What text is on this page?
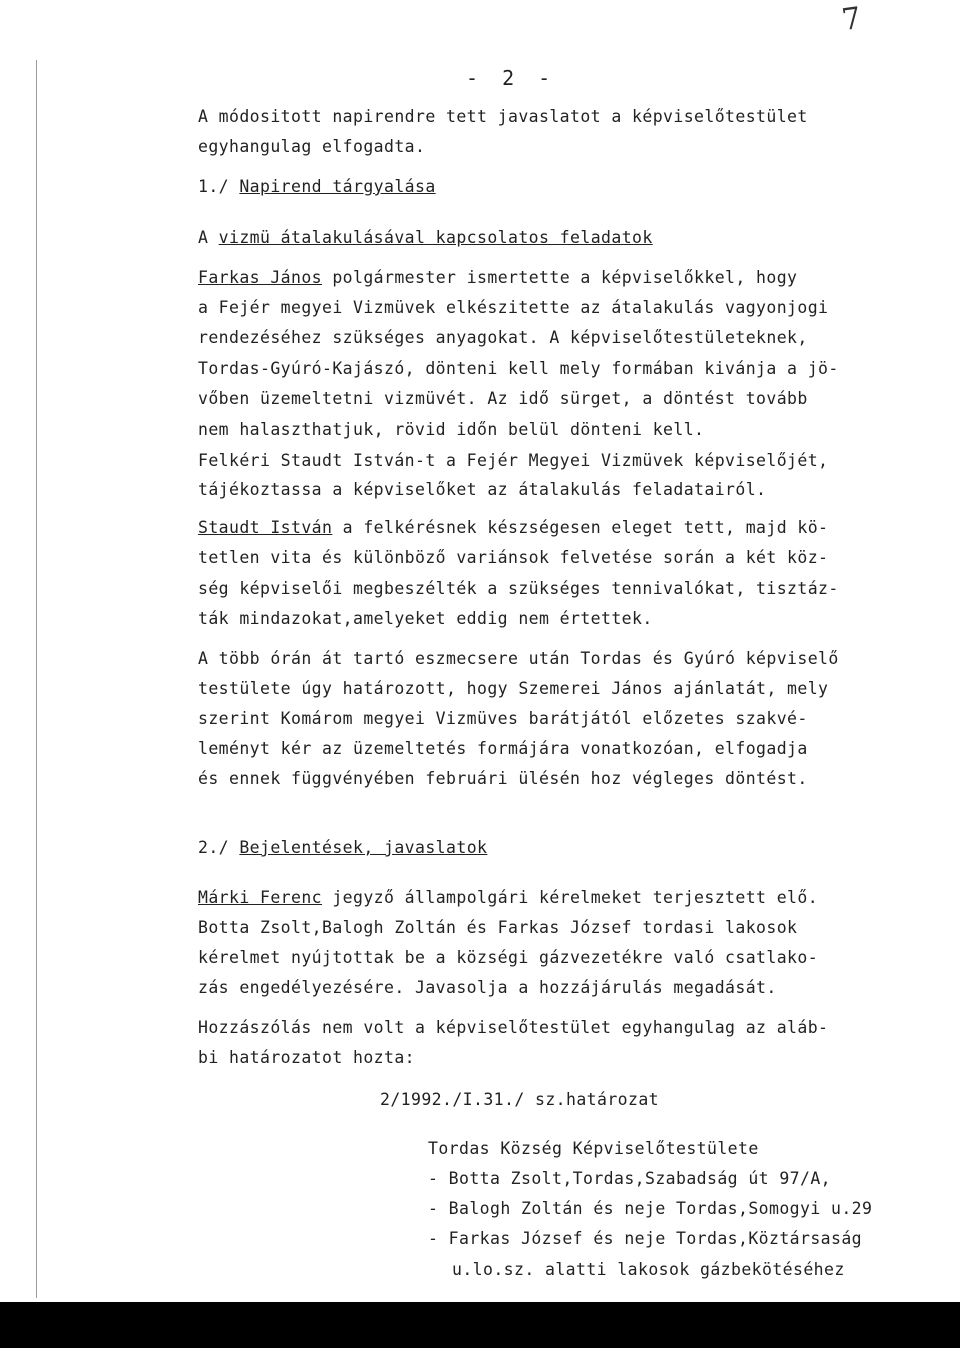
7
- 2 -
A módositott napirendre tett javaslatot a képviselőtestület
egyhangulag elfogadta.
1./ Napirend tárgyalása
A vizmü átalakulásával kapcsolatos feladatok
Farkas János polgármester ismertette a képviselőkkel, hogy
a Fejér megyei Vizmüvek elkészitette az átalakulás vagyonjogi
rendezéséhez szükséges anyagokat. A képviselőtestületeknek,
Tordas-Gyúró-Kajászó, dönteni kell mely formában kivánja a jö-
vőben üzemeltetni vizmüvét. Az idő sürget, a döntést tovább
nem halaszthatjuk, rövid időn belül dönteni kell.
Felkéri Staudt István-t a Fejér Megyei Vizmüvek képviselőjét,
tájékoztassa a képviselőket az átalakulás feladatairól.
Staudt István a felkérésnek készségesen eleget tett, majd kö-
tetlen vita és különböző variánsok felvetése során a két köz-
ség képviselői megbeszélték a szükséges tennivalókat, tisztáz-
ták mindazokat,amelyeket eddig nem értettek.
A több órán át tartó eszmecsere után Tordas és Gyúró képviselő
testülete úgy határozott, hogy Szemerei János ajánlatát, mely
szerint Komárom megyei Vizmüves barátjától előzetes szakvé-
leményt kér az üzemeltetés formájára vonatkozóan, elfogadja
és ennek függvényében februári ülésén hoz végleges döntést.
2./ Bejelentések, javaslatok
Márki Ferenc jegyző állampolgári kérelmeket terjesztett elő.
Botta Zsolt,Balogh Zoltán és Farkas József tordasi lakosok
kérelmet nyújtottak be a községi gázvezetékre való csatlako-
zás engedélyezésére. Javasolja a hozzájárulás megadását.
Hozzászólás nem volt a képviselőtestület egyhangulag az aláb-
bi határozatot hozta:
2/1992./I.31./ sz.határozat
Tordas Község Képviselőtestülete
- Botta Zsolt,Tordas,Szabadság út 97/A,
- Balogh Zoltán és neje Tordas,Somogyi u.29
- Farkas József és neje Tordas,Köztársaság
u.lo.sz. alatti lakosok gázbekötéséhez
